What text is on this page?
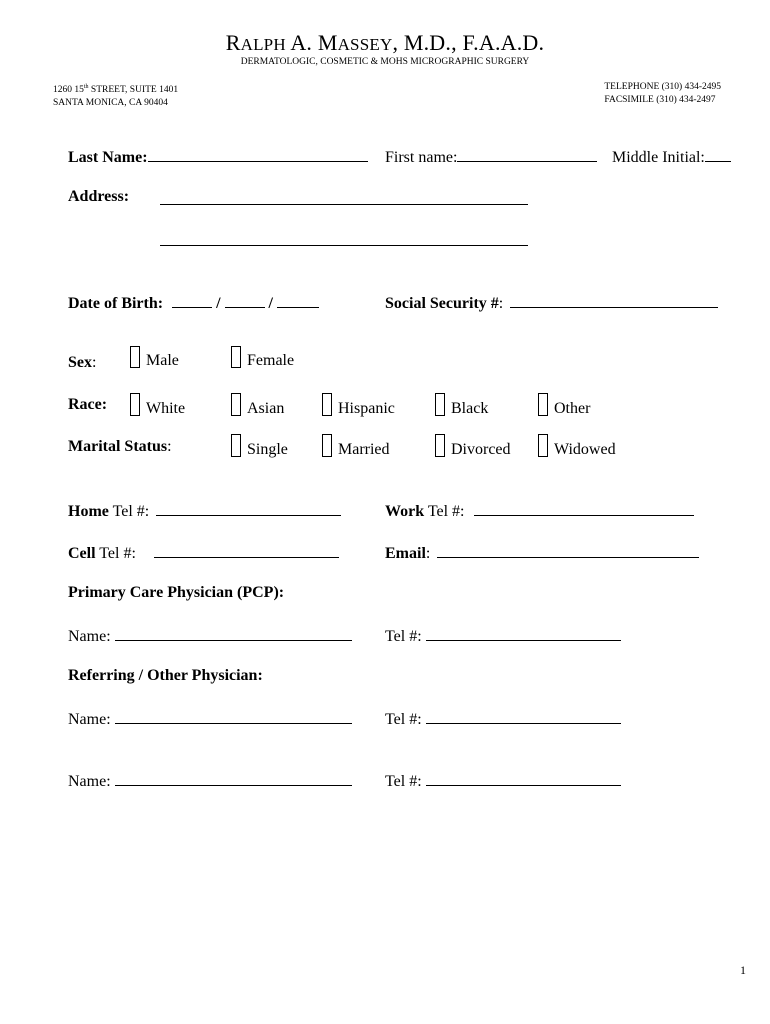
RALPH A. MASSEY, M.D., F.A.A.D.
DERMATOLOGIC, COSMETIC & MOHS MICROGRAPHIC SURGERY
1260 15th STREET, SUITE 1401
SANTA MONICA, CA 90404
TELEPHONE (310) 434-2495
FACSIMILE (310) 434-2497
Last Name:	First name:	Middle Initial:
Address:
Date of Birth:	/	/	Social Security #:
Sex:	Male	Female
Race:	White	Asian	Hispanic	Black	Other
Marital Status:	Single	Married	Divorced	Widowed
Home Tel #:	Work Tel #:
Cell Tel #:	Email:
Primary Care Physician (PCP):
Name:	Tel #:
Referring / Other Physician:
Name:	Tel #:
Name:	Tel #:
1
